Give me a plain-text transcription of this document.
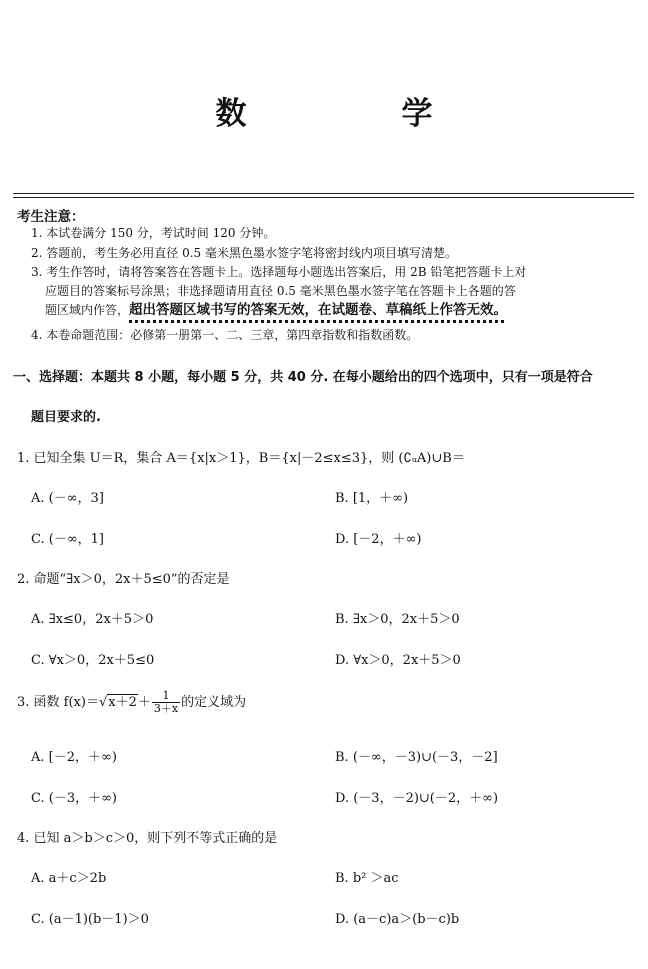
数　学
考生注意：
1. 本试卷满分 150 分，考试时间 120 分钟。
2. 答题前，考生务必用直径 0.5 毫米黑色墨水签字笔将密封线内项目填写清楚。
3. 考生作答时，请将答案答在答题卡上。选择题每小题选出答案后，用 2B 铅笔把答题卡上对
应题目的答案标号涂黑；非选择题请用直径 0.5 毫米黑色墨水签字笔在答题卡上各题的答
题区域内作答，超出答题区域书写的答案无效，在试题卷、草稿纸上作答无效。
4. 本卷命题范围：必修第一册第一、二、三章，第四章指数和指数函数。
一、选择题：本题共 8 小题，每小题 5 分，共 40 分. 在每小题给出的四个选项中，只有一项是符合
题目要求的.
1. 已知全集 U＝R，集合 A＝{x|x＞1}，B＝{x|－2≤x≤3}，则 (∁ᵤA)∪B＝
A. (－∞，3]	B. [1，＋∞)
C. (－∞，1]	D. [－2，＋∞)
2. 命题“∃x＞0，2x＋5≤0”的否定是
A. ∃x≤0，2x＋5＞0	B. ∃x＞0，2x＋5＞0
C. ∀x＞0，2x＋5≤0	D. ∀x＞0，2x＋5＞0
3. 函数 $f(x)=√x+2+ \frac{1}{3+x}$ 的定义域为
A. [－2，＋∞)	B. (－∞，－3)∪(－3，－2]
C. (－3，＋∞)	D. (－3，－2)∪(－2，＋∞)
4. 已知 a＞b＞c＞0，则下列不等式正确的是
A. a＋c＞2b	B. b² ＞ac
C. (a－1)(b－1)＞0	D. (a－c)a＞(b－c)b
